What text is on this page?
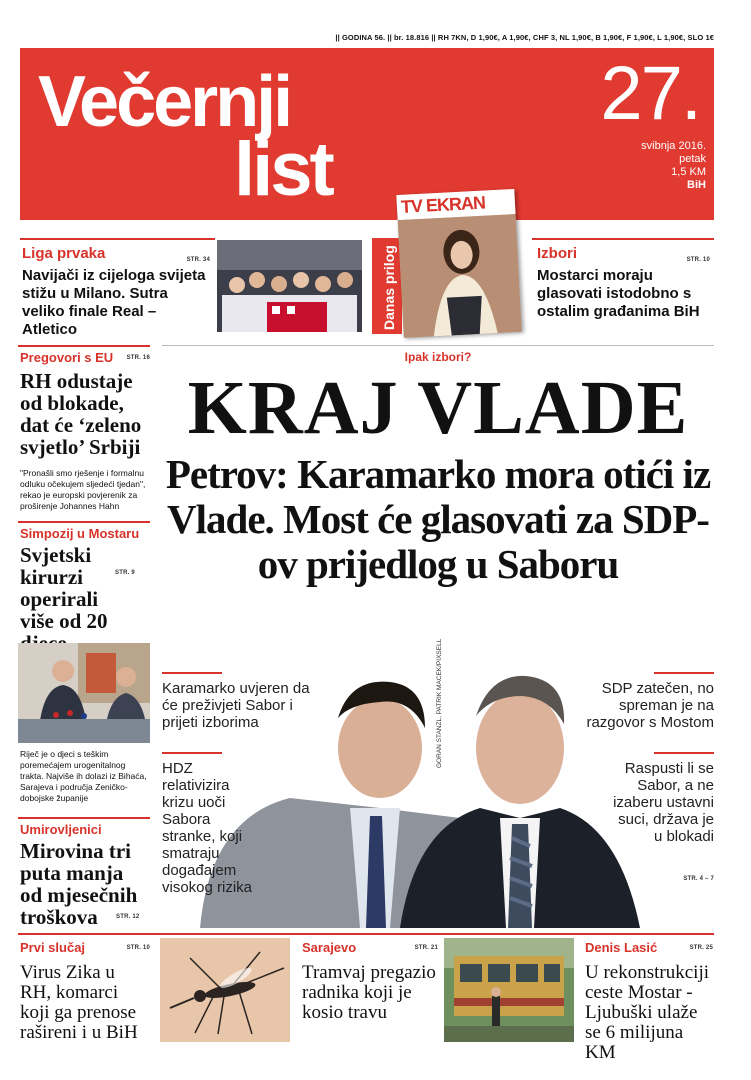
|| GODINA 56. || br. 18.816 || RH 7KN, D 1,90€, A 1,90€, CHF 3, NL 1,90€, B 1,90€, F 1,90€, L 1,90€, SLO 1€
Večernji
list
27.
svibnja 2016.
petak
1,5 KM
BiH
Liga prvaka	STR. 34
Navijači iz cijeloga svijeta stižu u Milano. Sutra veliko finale Real – Atletico	Danas prilog
TV EKRAN
Izbori	STR. 10
Mostarci moraju glasovati istodobno s ostalim građanima BiH
Pregovori s EU STR. 16
RH odustaje od blokade, dat će ‘zeleno svjetlo’ Srbiji
"Pronašli smo rješenje i formalnu odluku očekujem sljedeći tjedan", rekao je europski povjerenik za proširenje Johannes Hahn
Simpozij u Mostaru
STR. 9
Svjetski kirurzi operirali više od 20
Riječ je o djeci s teškim poremećajem urogenitalnog trakta. Najviše ih dolazi iz Bihaća, Sarajeva i područja Zeničko-dobojske županije
Umirovljenici
Mirovina tri puta manja od mjesečnih troškova	STR. 12
Ipak izbori?
KRAJ VLADE
Petrov: Karamarko mora otići iz Vlade. Most će glasovati za SDP-ov prijedlog u Saboru
GORAN STANZL, PATRIK MACEK/PIXSELL
Karamarko uvjeren da će preživjeti Sabor i prijeti izborima
HDZ relativizira krizu uoči Sabora stranke, koji smatraju događajem visokog rizika
SDP zatečen, no spreman je na razgovor s Mostom
Raspusti li se Sabor, a ne izaberu ustavni suci, država je u blokadi
STR. 4 – 7
Prvi slučaj	STR. 10
Virus Zika u RH, komarci koji ga prenose rašireni i u BiH
Sarajevo	STR. 21
Tramvaj pregazio radnika koji je kosio travu
Denis Lasić	STR. 25
U rekonstrukciji ceste Mostar - Ljubuški ulaže se 6 milijuna KM
